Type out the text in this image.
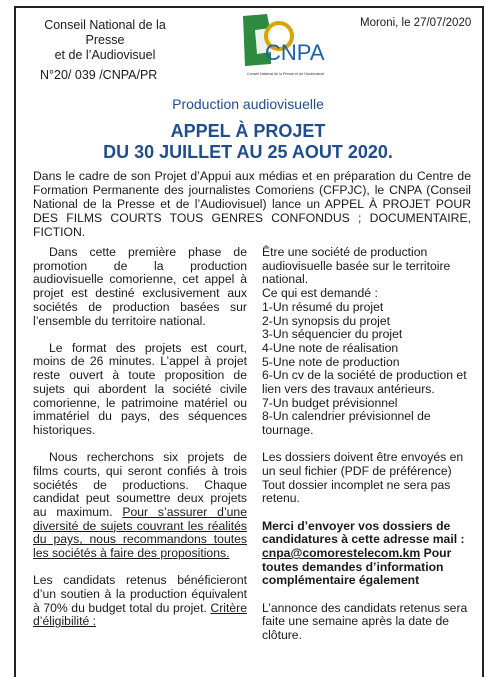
Conseil National de la Presse
et de l’Audiovisuel
N°20/ 039 /CNPA/PR
CNPA
Conseil National de la Presse et de l’Audiovisuel
Moroni, le 27/07/2020
Production audiovisuelle
APPEL À PROJET
DU 30 JUILLET AU 25 AOUT 2020.
Dans le cadre de son Projet d’Appui aux médias et en préparation du Centre de Formation Permanente des journalistes Comoriens (CFPJC), le CNPA (Conseil National de la Presse et de l’Audiovisuel) lance un APPEL À PROJET POUR DES FILMS COURTS TOUS GENRES CONFONDUS ; DOCUMENTAIRE, FICTION.

Dans cette première phase de promotion de la production audiovisuelle comorienne, cet appel à projet est destiné exclusivement aux sociétés de production basées sur l’ensemble du territoire national.

Le format des projets est court, moins de 26 minutes. L’appel à projet reste ouvert à toute proposition de sujets qui abordent la société civile comorienne, le patrimoine matériel ou immatériel du pays, des séquences historiques.

Nous recherchons six projets de films courts, qui seront confiés à trois sociétés de productions. Chaque candidat peut soumettre deux projets au maximum. Pour s’assurer d’une diversité de sujets couvrant les réalités du pays, nous recommandons toutes les sociétés à faire des propositions.

Les candidats retenus bénéficieront d’un soutien à la production équivalent à 70% du budget total du projet. Critère d’éligibilité :

Être une société de production audiovisuelle basée sur le territoire national.

Ce qui est demandé :
1-Un résumé du projet
2-Un synopsis du projet
3-Un séquencier du projet
4-Une note de réalisation
5-Une note de production
6-Un cv de la société de production et lien vers des travaux antérieurs.
7-Un budget prévisionnel
8-Un calendrier prévisionnel de tournage.

Les dossiers doivent être envoyés en un seul fichier (PDF de préférence) Tout dossier incomplet ne sera pas retenu.

Merci d’envoyer vos dossiers de candidatures à cette adresse mail : cnpa@comorestelecom.km Pour toutes demandes d’information complémentaire également

L’annonce des candidats retenus sera faite une semaine après la date de clôture.
